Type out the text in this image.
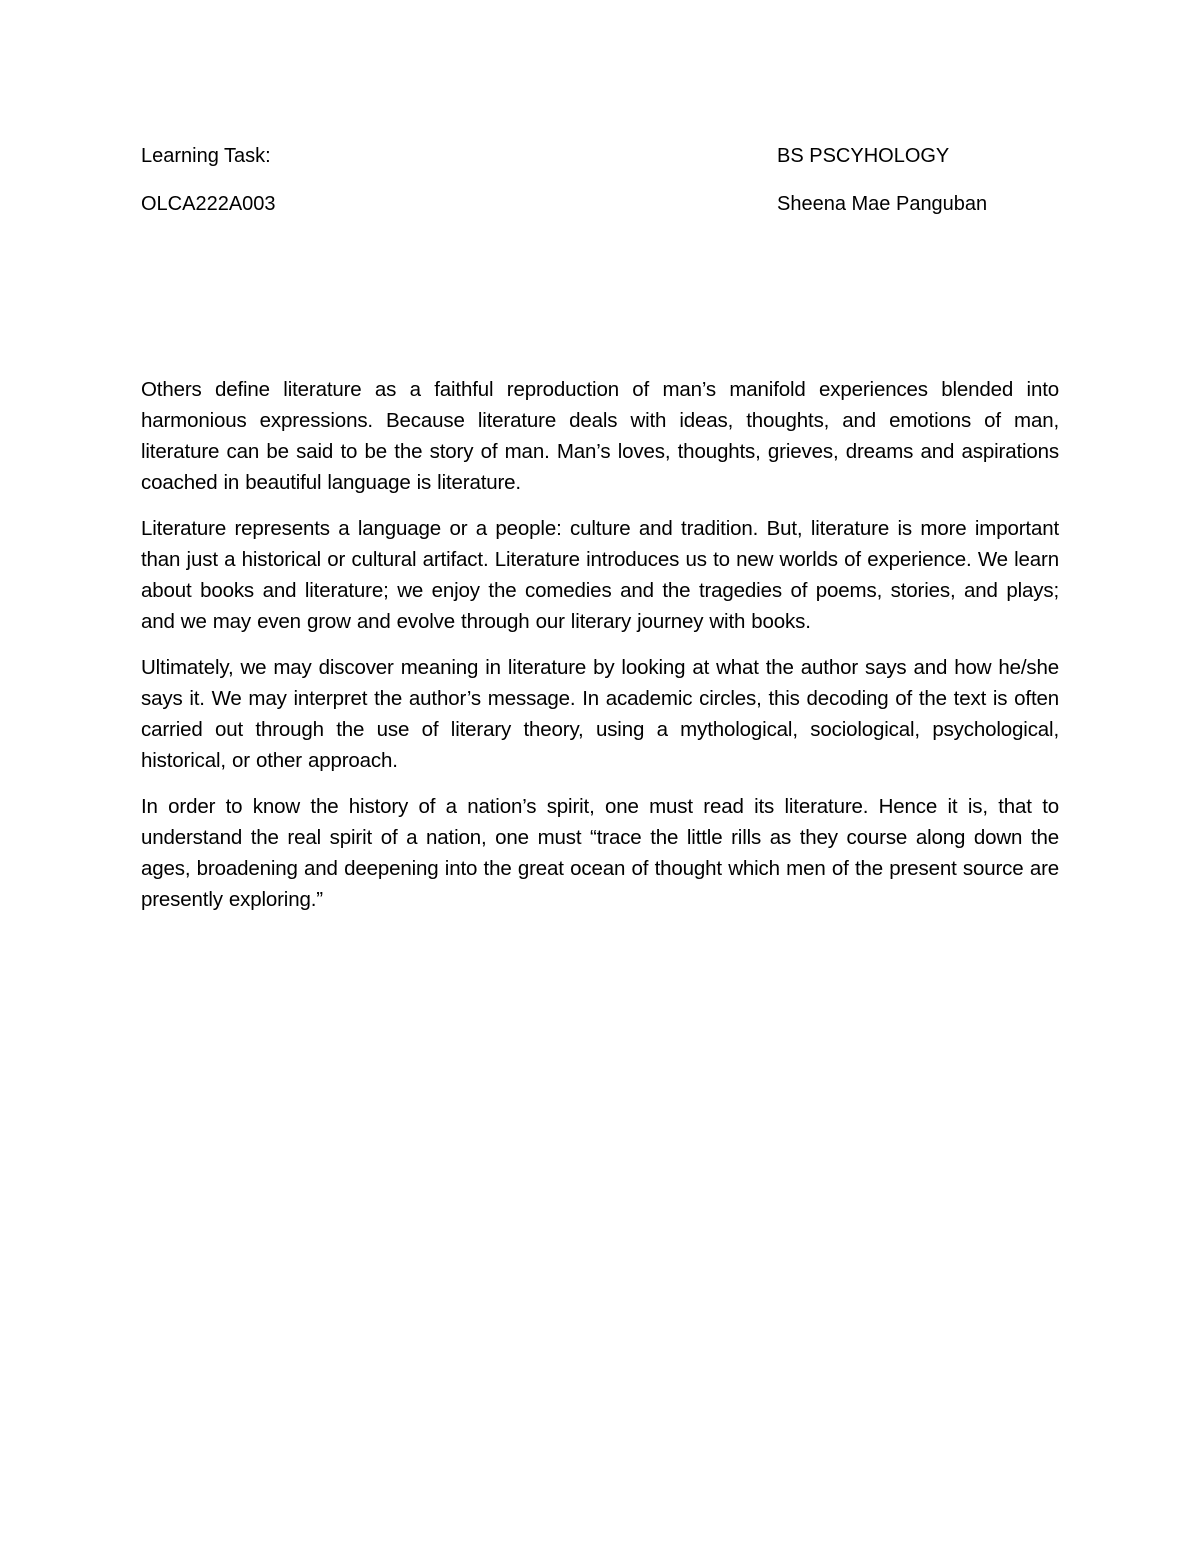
Learning Task:
OLCA222A003
BS PSCYHOLOGY
Sheena Mae Panguban

Others define literature as a faithful reproduction of man’s manifold experiences blended into harmonious expressions. Because literature deals with ideas, thoughts, and emotions of man, literature can be said to be the story of man. Man’s loves, thoughts, grieves, dreams and aspirations coached in beautiful language is literature.

Literature represents a language or a people: culture and tradition. But, literature is more important than just a historical or cultural artifact. Literature introduces us to new worlds of experience. We learn about books and literature; we enjoy the comedies and the tragedies of poems, stories, and plays; and we may even grow and evolve through our literary journey with books.

Ultimately, we may discover meaning in literature by looking at what the author says and how he/she says it. We may interpret the author’s message. In academic circles, this decoding of the text is often carried out through the use of literary theory, using a mythological, sociological, psychological, historical, or other approach.

In order to know the history of a nation’s spirit, one must read its literature. Hence it is, that to understand the real spirit of a nation, one must “trace the little rills as they course along down the ages, broadening and deepening into the great ocean of thought which men of the present source are presently exploring.”
